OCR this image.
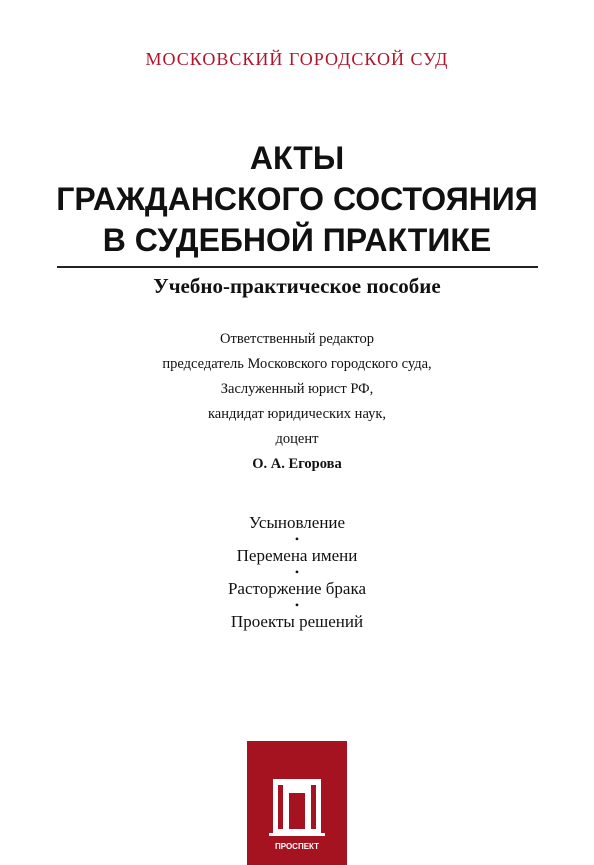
МОСКОВСКИЙ ГОРОДСКОЙ СУД
АКТЫ
ГРАЖДАНСКОГО СОСТОЯНИЯ
В СУДЕБНОЙ ПРАКТИКЕ
Учебно-практическое пособие
Ответственный редактор
председатель Московского городского суда,
Заслуженный юрист РФ,
кандидат юридических наук,
доцент
О. А. Егорова
Усыновление
•
Перемена имени
•
Расторжение брака
•
Проекты решений
ПРОСПЕКТ
